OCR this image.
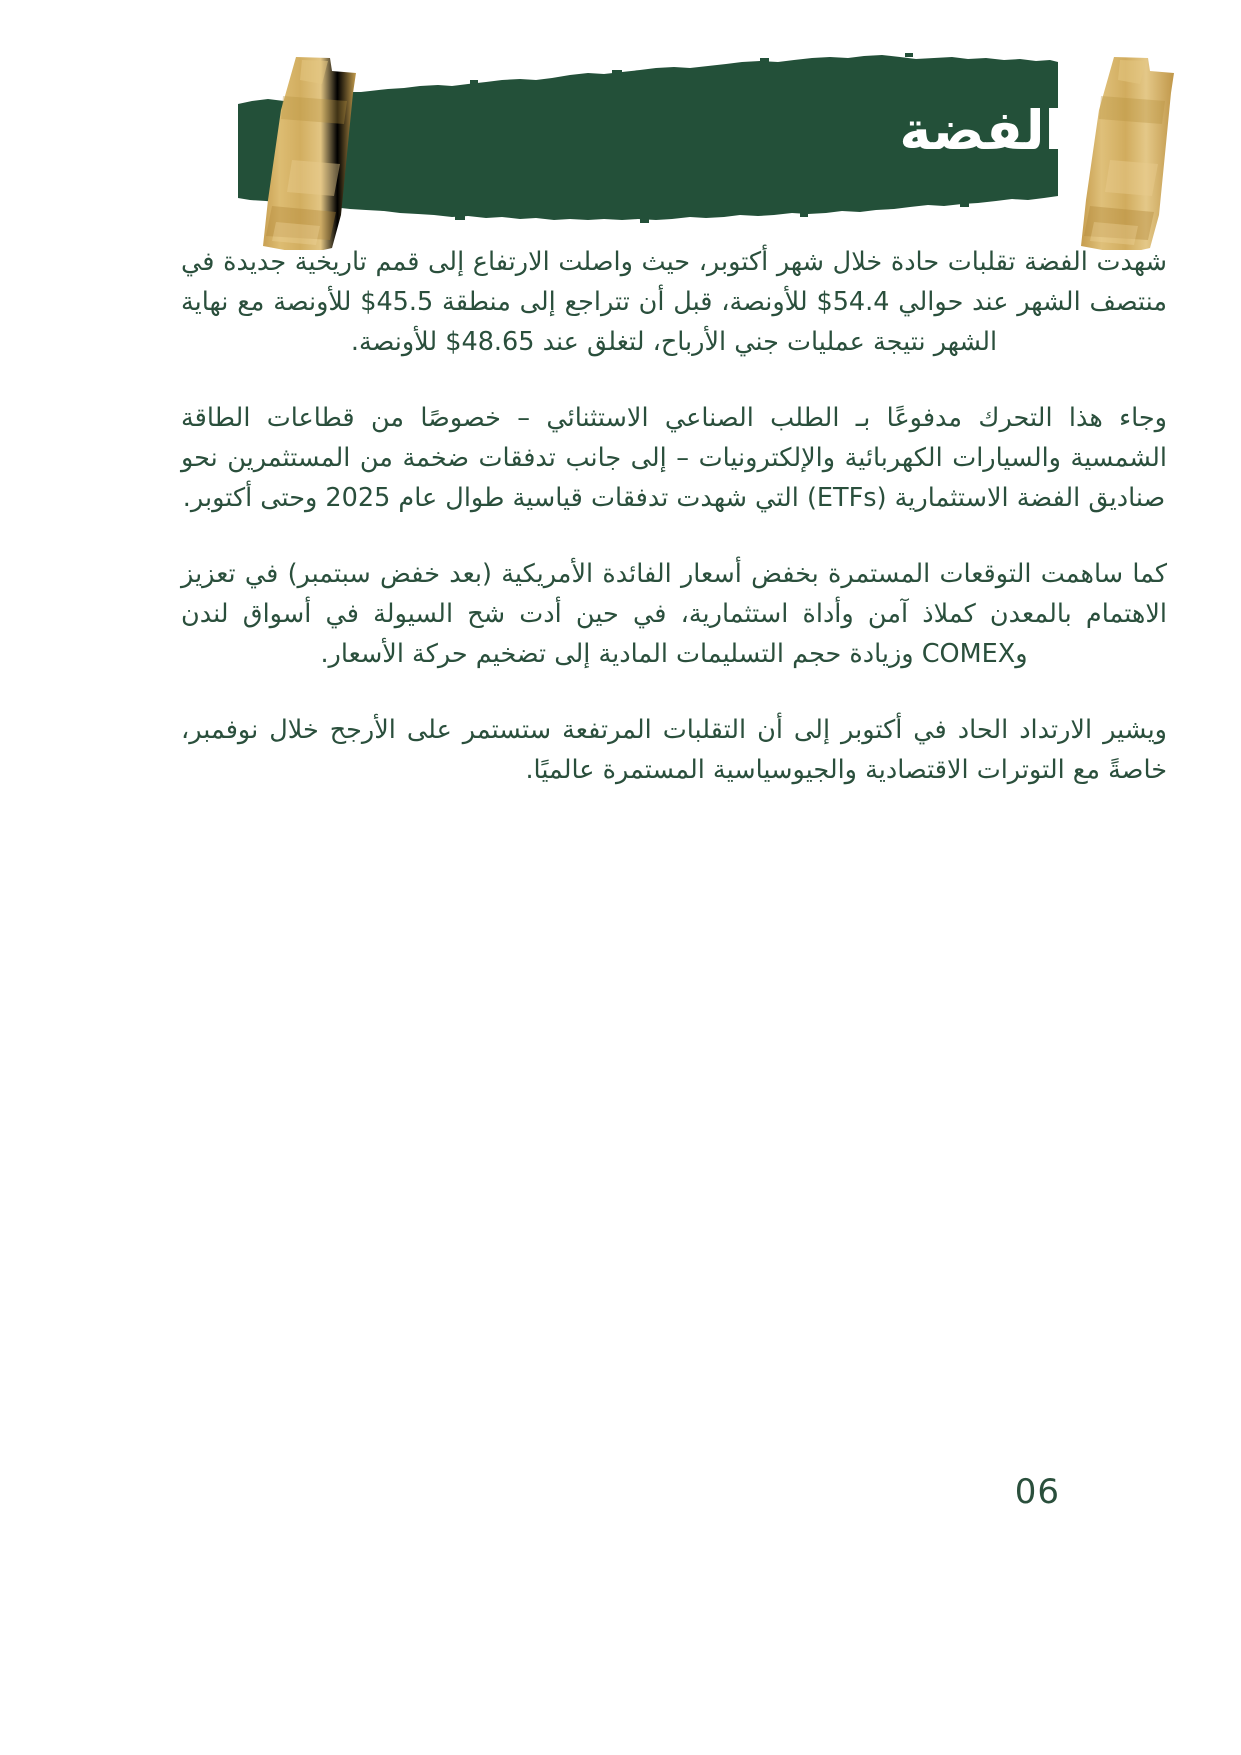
الفضة

شهدت الفضة تقلبات حادة خلال شهر أكتوبر، حيث واصلت الارتفاع إلى قمم تاريخية جديدة في منتصف الشهر عند حوالي 54.4$ للأونصة، قبل أن تتراجع إلى منطقة 45.5$ للأونصة مع نهاية الشهر نتيجة عمليات جني الأرباح، لتغلق عند 48.65$ للأونصة.

وجاء هذا التحرك مدفوعًا بـ الطلب الصناعي الاستثنائي – خصوصًا من قطاعات الطاقة الشمسية والسيارات الكهربائية والإلكترونيات – إلى جانب تدفقات ضخمة من المستثمرين نحو صناديق الفضة الاستثمارية (ETFs) التي شهدت تدفقات قياسية طوال عام 2025 وحتى أكتوبر.

كما ساهمت التوقعات المستمرة بخفض أسعار الفائدة الأمريكية (بعد خفض سبتمبر) في تعزيز الاهتمام بالمعدن كملاذ آمن وأداة استثمارية، في حين أدت شح السيولة في أسواق لندن وCOMEX وزيادة حجم التسليمات المادية إلى تضخيم حركة الأسعار.

ويشير الارتداد الحاد في أكتوبر إلى أن التقلبات المرتفعة ستستمر على الأرجح خلال نوفمبر، خاصةً مع التوترات الاقتصادية والجيوسياسية المستمرة عالميًا.

06
